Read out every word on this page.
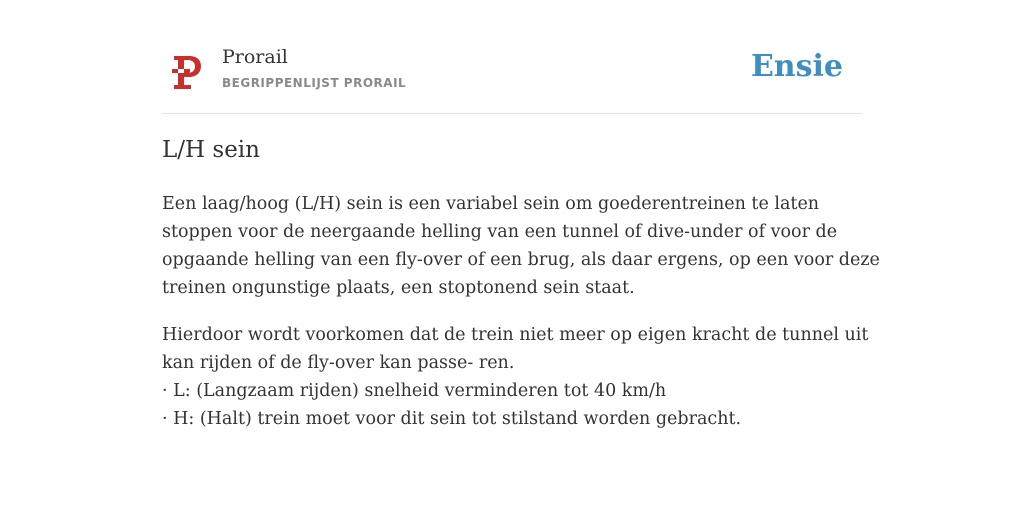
Prorail
BEGRIPPENLIJST PRORAIL	Ensie
L/H sein

Een laag/hoog (L/H) sein is een variabel sein om goederentreinen te laten
stoppen voor de neergaande helling van een tunnel of dive-under of voor de
opgaande helling van een fly-over of een brug, als daar ergens, op een voor deze
treinen ongunstige plaats, een stoptonend sein staat.

Hierdoor wordt voorkomen dat de trein niet meer op eigen kracht de tunnel uit
kan rijden of de fly-over kan passe- ren.
· L: (Langzaam rijden) snelheid verminderen tot 40 km/h
· H: (Halt) trein moet voor dit sein tot stilstand worden gebracht.
